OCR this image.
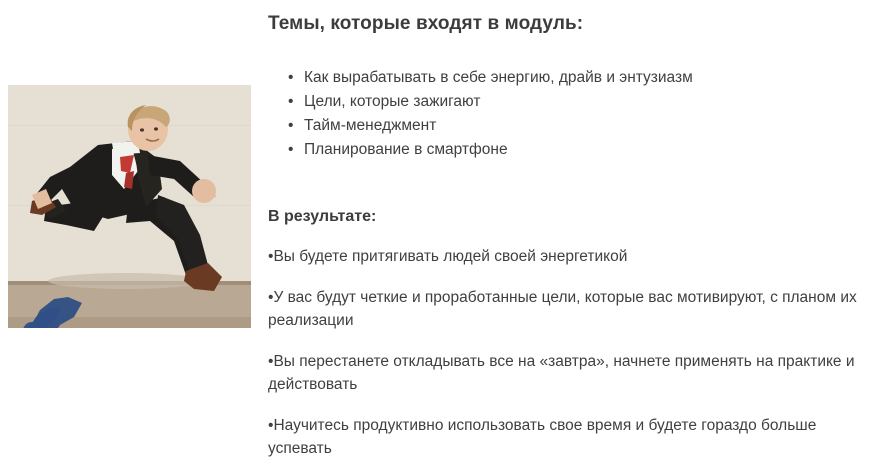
Темы, которые входят в модуль:
• Как вырабатывать в себе энергию, драйв и энтузиазм
• Цели, которые зажигают
• Тайм-менеджмент
• Планирование в смартфоне
В результате:

•Вы будете притягивать людей своей энергетикой

•У вас будут четкие и проработанные цели, которые вас мотивируют, с планом их реализации

•Вы перестанете откладывать все на «завтра», начнете применять на практике и действовать

•Научитесь продуктивно использовать свое время и будете гораздо больше успевать
